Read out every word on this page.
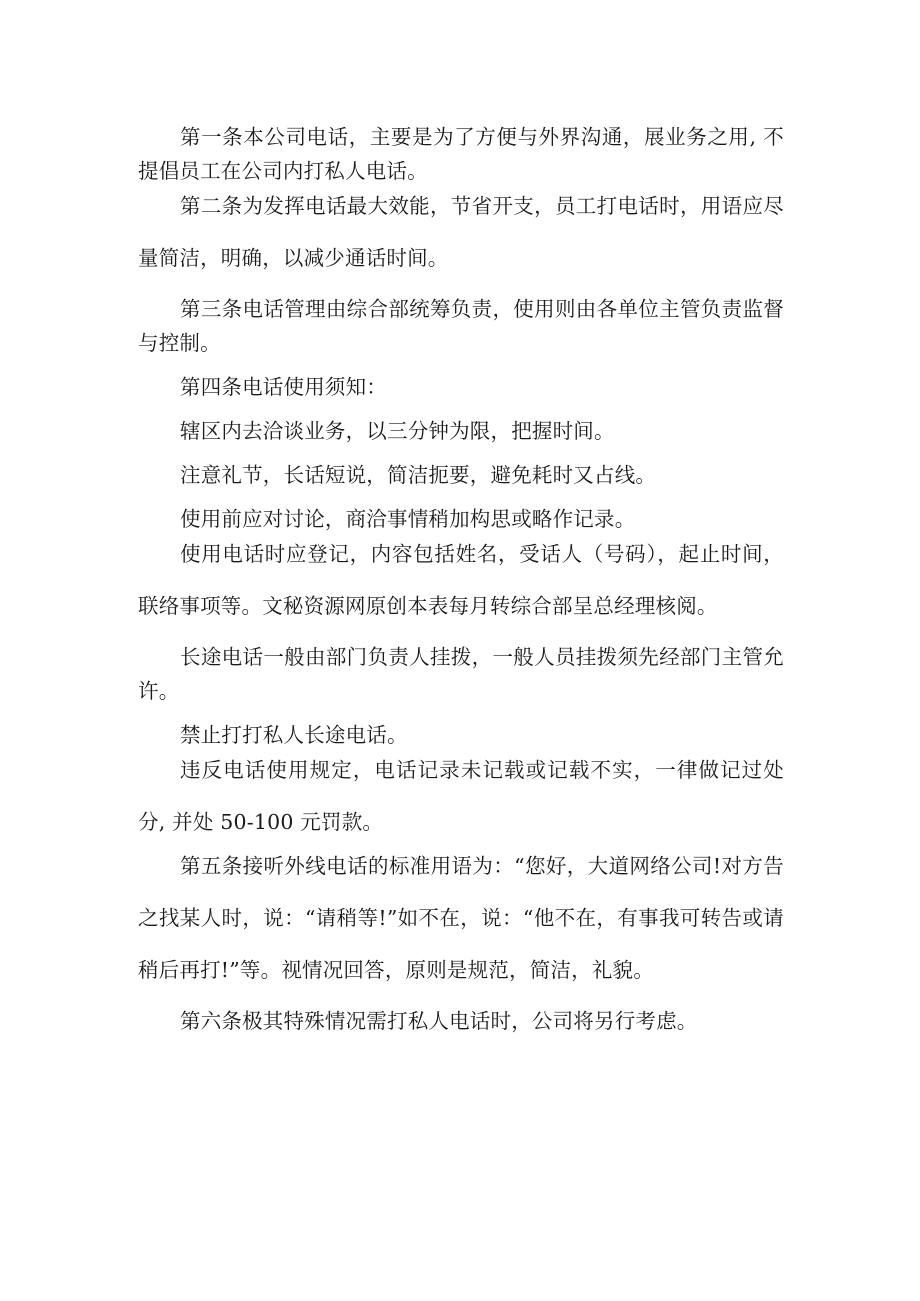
第一条本公司电话，主要是为了方便与外界沟通，展业务之用, 不提倡员工在公司内打私人电话。

第二条为发挥电话最大效能，节省开支，员工打电话时，用语应尽量简洁，明确，以减少通话时间。

第三条电话管理由综合部统筹负责，使用则由各单位主管负责监督与控制。

第四条电话使用须知：

辖区内去洽谈业务，以三分钟为限，把握时间。

注意礼节，长话短说，简洁扼要，避免耗时又占线。

使用前应对讨论，商洽事情稍加构思或略作记录。

使用电话时应登记，内容包括姓名，受话人（号码），起止时间，联络事项等。文秘资源网原创本表每月转综合部呈总经理核阅。

长途电话一般由部门负责人挂拨，一般人员挂拨须先经部门主管允许。

禁止打打私人长途电话。

违反电话使用规定，电话记录未记载或记载不实，一律做记过处分, 并处 50-100 元罚款。

第五条接听外线电话的标准用语为：“您好，大道网络公司!对方告之找某人时，说：“请稍等!”如不在，说：“他不在，有事我可转告或请稍后再打!”等。视情况回答，原则是规范，简洁，礼貌。

第六条极其特殊情况需打私人电话时，公司将另行考虑。
